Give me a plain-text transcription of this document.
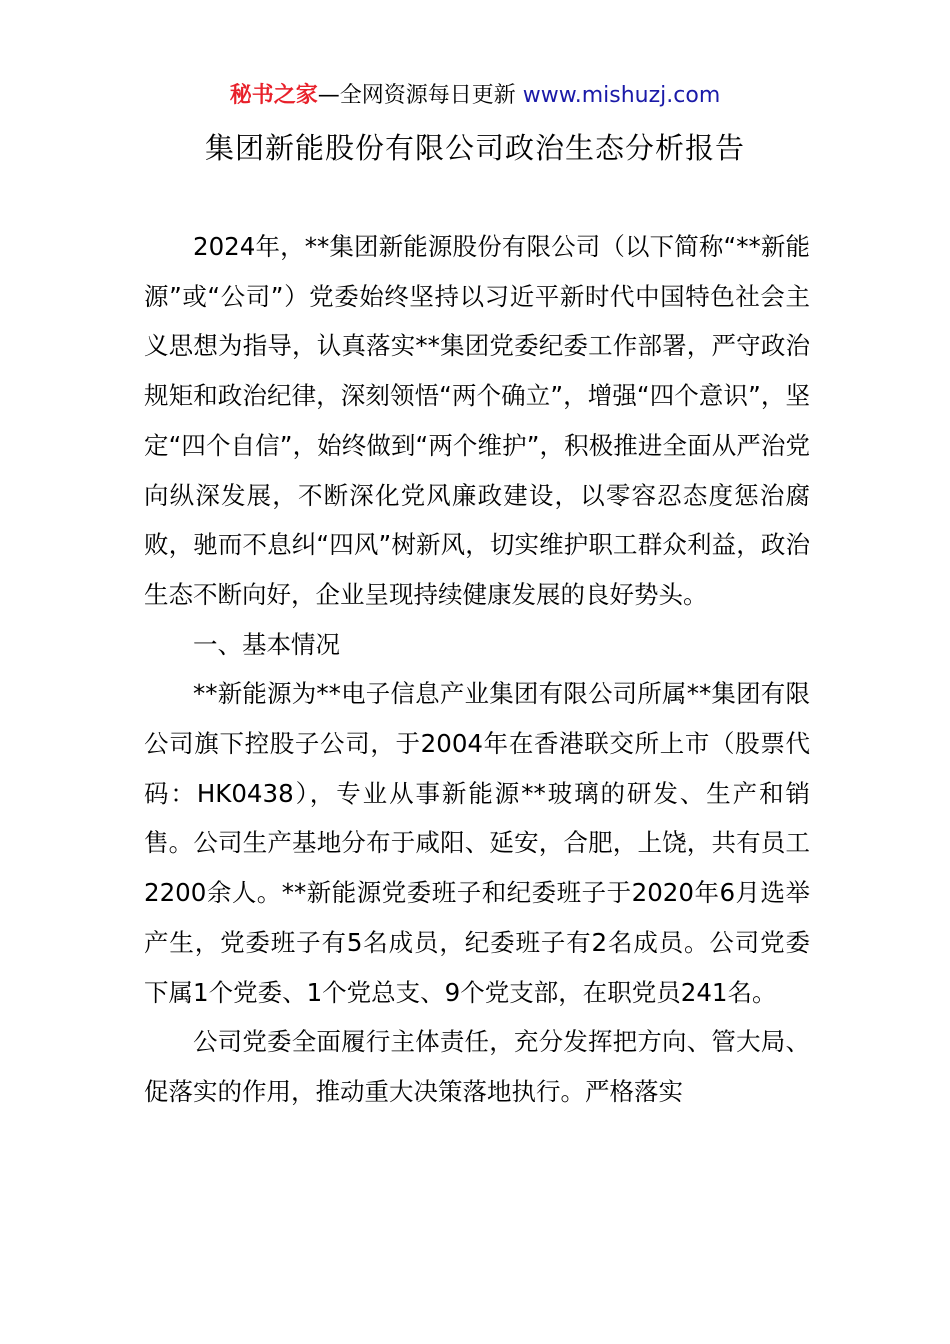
秘书之家—全网资源每日更新 www.mishuzj.com
集团新能股份有限公司政治生态分析报告

2024年，**集团新能源股份有限公司（以下简称“**新能源”或“公司”）党委始终坚持以习近平新时代中国特色社会主义思想为指导，认真落实**集团党委纪委工作部署，严守政治规矩和政治纪律，深刻领悟“两个确立”，增强“四个意识”，坚定“四个自信”，始终做到“两个维护”，积极推进全面从严治党向纵深发展，不断深化党风廉政建设，以零容忍态度惩治腐败，驰而不息纠“四风”树新风，切实维护职工群众利益，政治生态不断向好，企业呈现持续健康发展的良好势头。

一、基本情况

**新能源为**电子信息产业集团有限公司所属**集团有限公司旗下控股子公司，于2004年在香港联交所上市（股票代码：HK0438），专业从事新能源**玻璃的研发、生产和销售。公司生产基地分布于咸阳、延安，合肥，上饶，共有员工2200余人。**新能源党委班子和纪委班子于2020年6月选举产生，党委班子有5名成员，纪委班子有2名成员。公司党委下属1个党委、1个党总支、9个党支部，在职党员241名。

公司党委全面履行主体责任，充分发挥把方向、管大局、促落实的作用，推动重大决策落地执行。严格落实
